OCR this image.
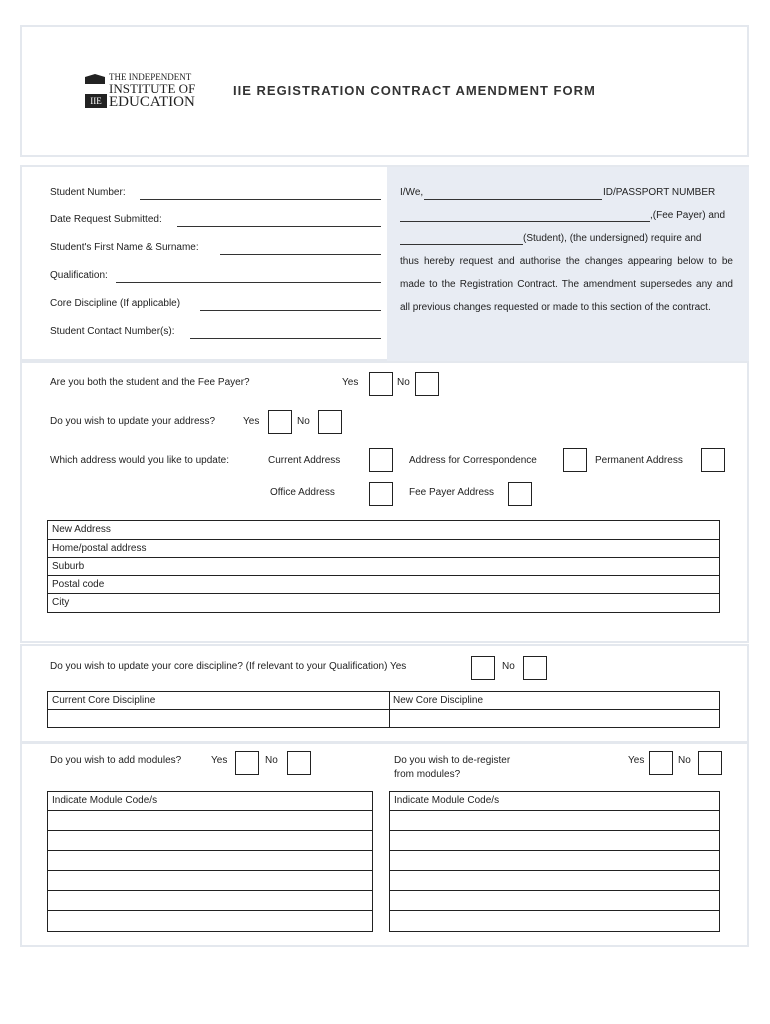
IIE
THE INDEPENDENT
INSTITUTE OF
EDUCATION
IIE REGISTRATION CONTRACT AMENDMENT FORM
Student Number:
Date Request Submitted:
Student's First Name & Surname:
Qualification:
Core Discipline (If applicable)
Student Contact Number(s):
I/We,	ID/PASSPORT NUMBER
,(Fee Payer) and
(Student), (the undersigned) require and
thus hereby request and authorise the changes appearing below to be made to the Registration Contract. The amendment supersedes any and all previous changes requested or made to this section of the contract.
Are you both the student and the Fee Payer?	Yes	No
Do you wish to update your address?	Yes	No
Which address would you like to update:	Current Address	Address for Correspondence	Permanent Address
Office Address	Fee Payer Address
New Address
Home/postal address
Suburb
Postal code
City
Do you wish to update your core discipline? (If relevant to your Qualification) Yes	No
Current Core Discipline	New Core Discipline
Do you wish to add modules?	Yes	No	Do you wish to de-register
from modules?
Yes	No
Indicate Module Code/s	Indicate Module Code/s
